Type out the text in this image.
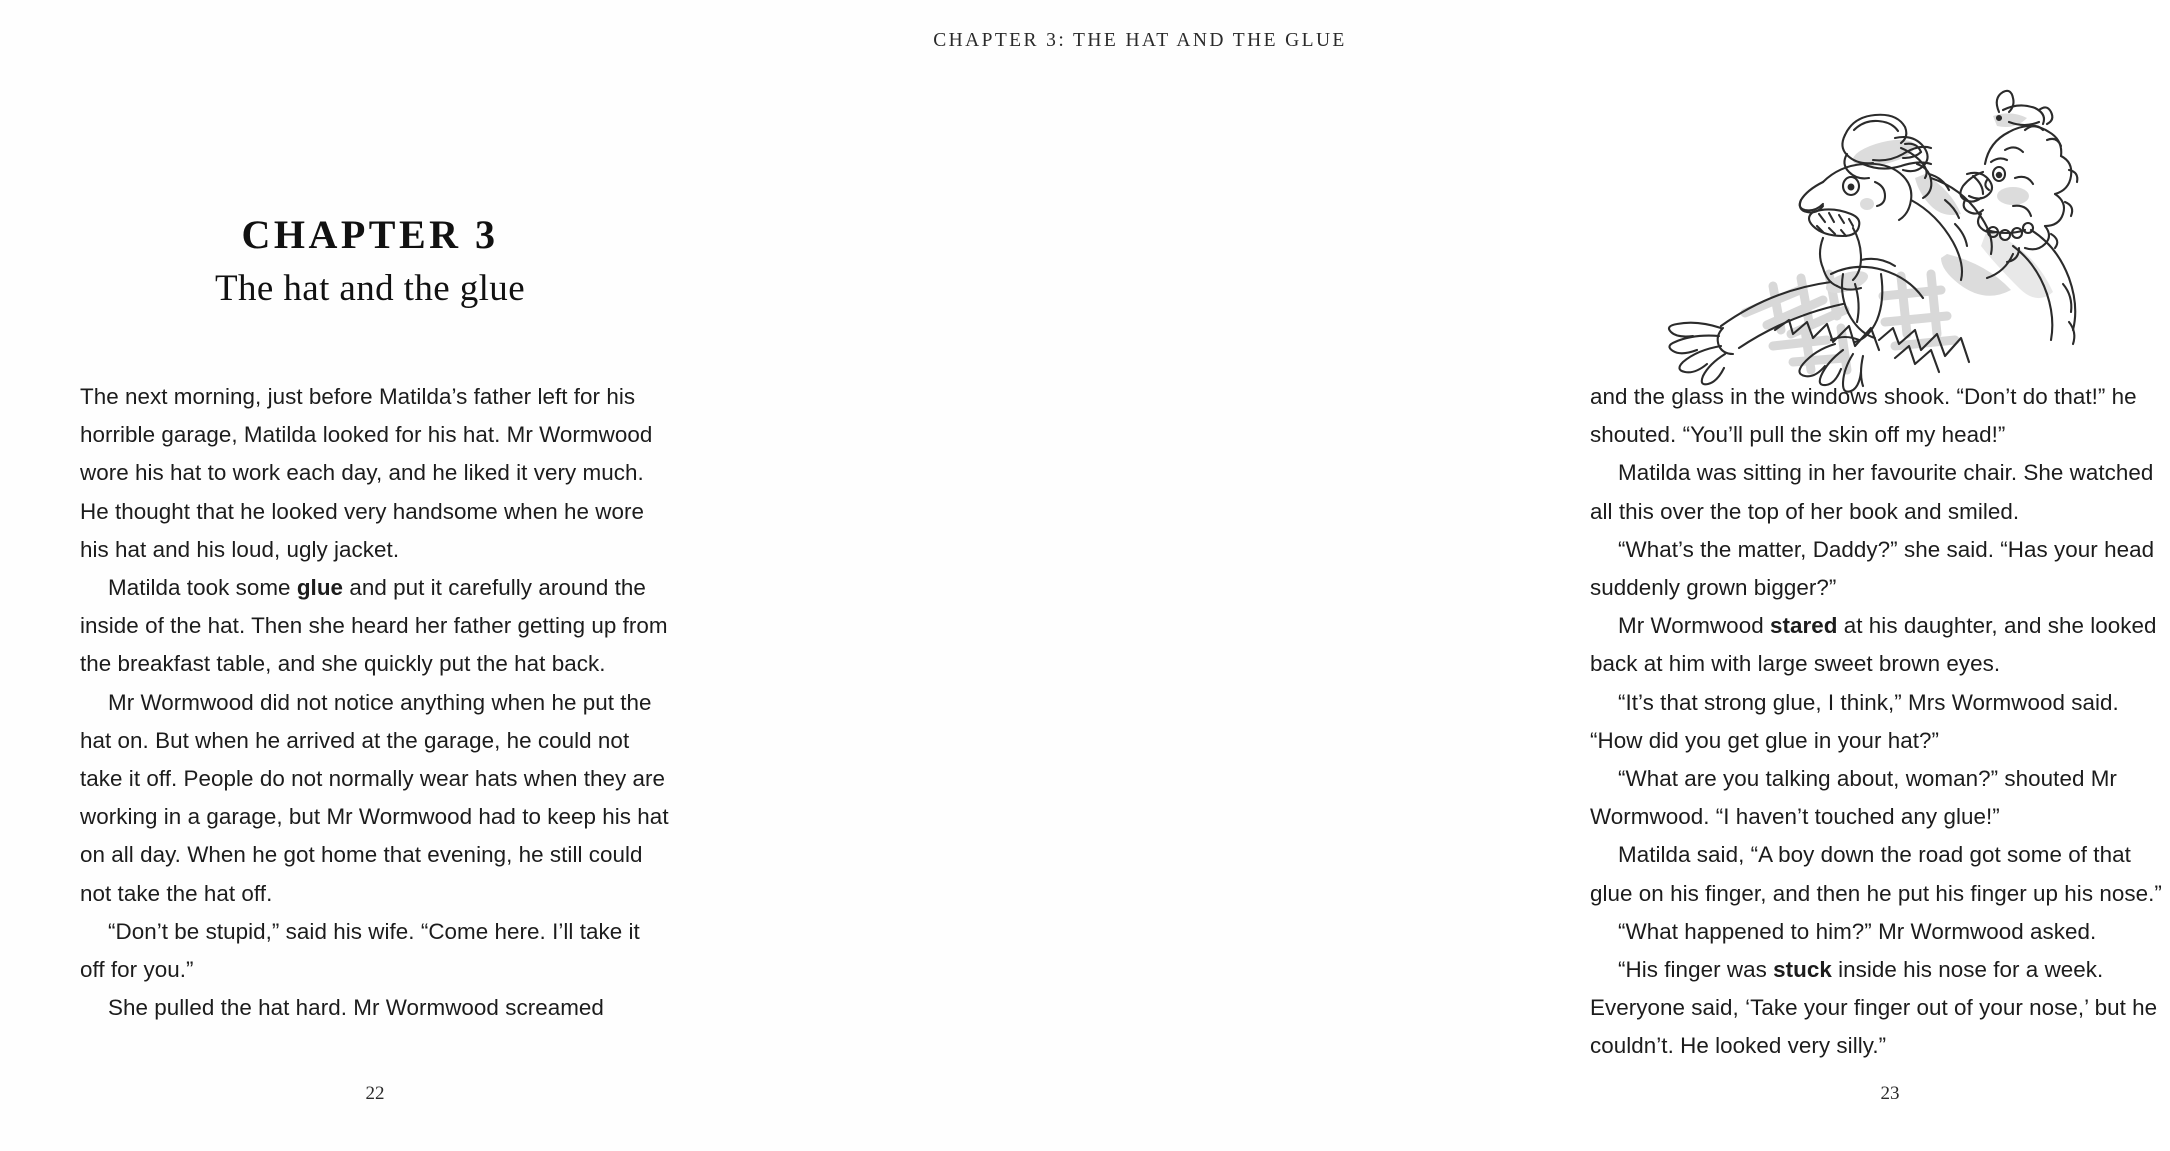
CHAPTER 3: THE HAT AND THE GLUE
CHAPTER 3
The hat and the glue

The next morning, just before Matilda’s father left for his horrible garage, Matilda looked for his hat. Mr Wormwood wore his hat to work each day, and he liked it very much. He thought that he looked very handsome when he wore his hat and his loud, ugly jacket.

Matilda took some glue and put it carefully around the inside of the hat. Then she heard her father getting up from the breakfast table, and she quickly put the hat back.

Mr Wormwood did not notice anything when he put the hat on. But when he arrived at the garage, he could not take it off. People do not normally wear hats when they are working in a garage, but Mr Wormwood had to keep his hat on all day. When he got home that evening, he still could not take the hat off.

“Don’t be stupid,” said his wife. “Come here. I’ll take it off for you.”

She pulled the hat hard. Mr Wormwood screamed

22

and the glass in the windows shook. “Don’t do that!” he shouted. “You’ll pull the skin off my head!”

Matilda was sitting in her favourite chair. She watched all this over the top of her book and smiled.

“What’s the matter, Daddy?” she said. “Has your head suddenly grown bigger?”

Mr Wormwood stared at his daughter, and she looked back at him with large sweet brown eyes.

“It’s that strong glue, I think,” Mrs Wormwood said. “How did you get glue in your hat?”

“What are you talking about, woman?” shouted Mr Wormwood. “I haven’t touched any glue!”

Matilda said, “A boy down the road got some of that glue on his finger, and then he put his finger up his nose.”

“What happened to him?” Mr Wormwood asked.

“His finger was stuck inside his nose for a week. Everyone said, ‘Take your finger out of your nose,’ but he couldn’t. He looked very silly.”

23
